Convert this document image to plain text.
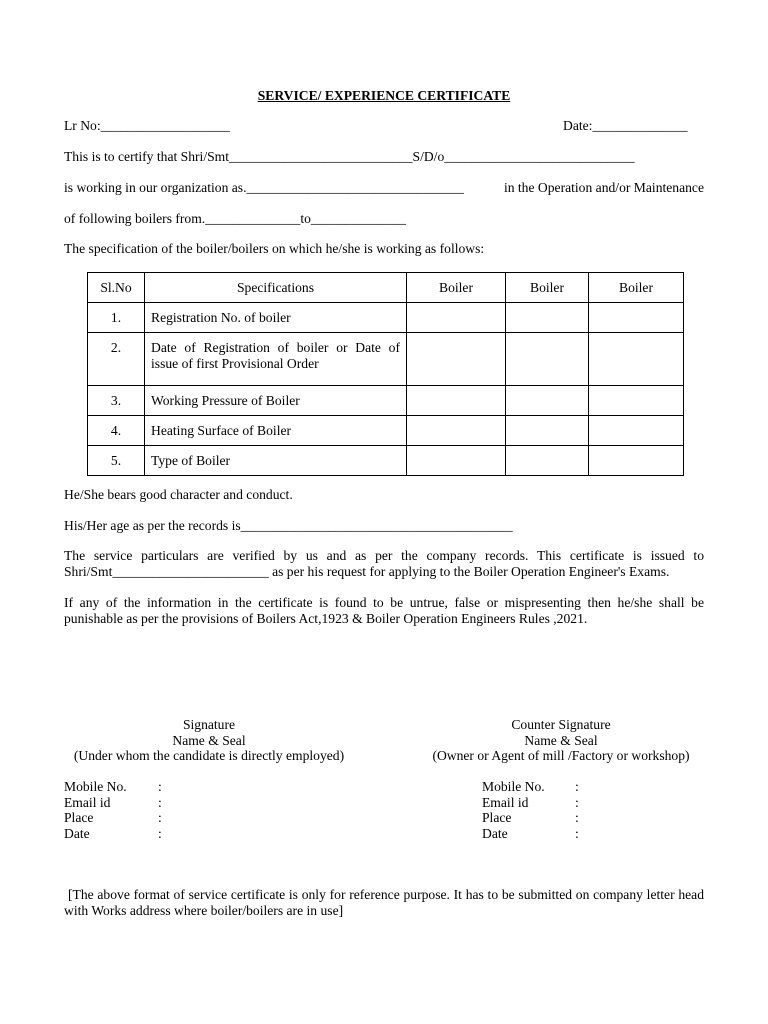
SERVICE/ EXPERIENCE CERTIFICATE
Lr No:___________________	Date:______________
This is to certify that Shri/Smt___________________________S/D/o____________________________
is working in our organization as.________________________________	in the Operation and/or Maintenance
of following boilers from.______________to______________
The specification of the boiler/boilers on which he/she is working as follows:
Sl.No	Specifications	Boiler	Boiler	Boiler
1.	Registration No. of boiler			
2.	Date of Registration of boiler or Date of issue of first Provisional Order			
3.	Working Pressure of Boiler			
4.	Heating Surface of Boiler			
5.	Type of Boiler			
He/She bears good character and conduct.
His/Her age as per the records is________________________________________
The service particulars are verified by us and as per the company records. This certificate is issued to Shri/Smt_______________________ as per his request for applying to the Boiler Operation Engineer's Exams.
If any of the information in the certificate is found to be untrue, false or mispresenting then he/she shall be punishable as per the provisions of Boilers Act,1923 & Boiler Operation Engineers Rules ,2021.
Signature
Name & Seal
(Under whom the candidate is directly employed)
Counter Signature
Name & Seal
(Owner or Agent of mill /Factory or workshop)
Mobile No. :
Email id	:
Place	:
Date	:
Mobile No. :
Email id	:
Place	:
Date	:
[The above format of service certificate is only for reference purpose. It has to be submitted on company letter head with Works address where boiler/boilers are in use]
